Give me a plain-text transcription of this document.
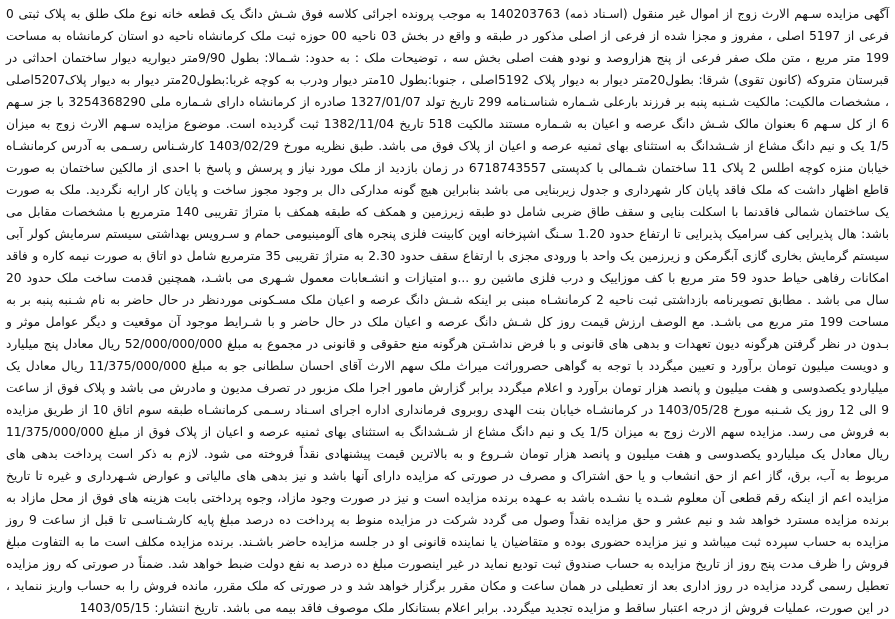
آگهی مزایده سـهم الارث زوج از اموال غیر منقول (اسـناد ذمه) 140203763 به موجب پرونده اجرائی کلاسه فوق شـش دانگ یک قطعه خانه نوع ملک طلق به پلاک ثبتی 0 فرعی از 5197 اصلی ، مفروز و مجزا شده از فرعی از اصلی مذکور در طبقه و واقع در بخش 03 ناحیه 00 حوزه ثبت ملک کرمانشاه ناحیه دو استان کرمانشاه به مساحت 199 متر مربع ، متن ملک صفر فرعی از پنج هزاروصد و نودو هفت اصلی بخش سه ، توضیحات ملک : به حدود: شـمالا: بطول 9/90متر دیواریه دیوار ساختمان احداثی در قبرستان متروکه (کانون تقوی) شرقا: بطول20متر دیوار به دیوار پلاک 5192اصلی ، جنوبا:بطول 10متر دیوار ودرب به کوچه غربا:بطول20متر دیوار به دیوار پلاک5207اصلی ، مشخصات مالکیت: مالکیت شـنبه پنبه بر فرزند بارعلی شـماره شناسـنامه 299 تاریخ تولد 1327/01/07 صادره از کرمانشاه دارای شـماره ملی 3254368290 با جز سـهم 6 از کل سـهم 6 بعنوان مالک شـش دانگ عرصه و اعیان به شـماره مستند مالکیت 518 تاریخ 1382/11/04 ثبت گردیده است. موضوع مزایده سـهم الارث زوج به میزان 1/5 یک و نیم دانگ مشاع از شـشدانگ به استثنای بهای ثمنیه عرصه و اعیان از پلاک فوق می باشد. طبق نظریه مورخ 1403/02/29 کارشـناس رسـمی به آدرس کرمانشـاه خیابان منزه کوچه اطلس 2 پلاک 11 ساختمان شـمالی با کدپستی 6718743557 در زمان بازدید از ملک مورد نیاز و پرسش و پاسخ با احدی از مالکین ساختمان به صورت قاطع اظهار داشت که ملک فاقد پایان کار شهرداری و جدول زیربنایی می باشد بنابراین هیچ گونه مدارکی دال بر وجود مجوز ساخت و پایان کار ارایه نگردید. ملک به صورت یک ساختمان شمالی فاقدنما با اسکلت بنایی و سقف طاق ضربی شامل دو طبقه زیرزمین و همکف که طبقه همکف با متراژ تقریبی 140 مترمربع با مشخصات مقابل می باشد: هال پذیرایی کف سرامیک پذیرایی تا ارتفاع حدود 1.20 سـنگ اشپزخانه اوپن کابینت فلزی پنجره های آلومینیومی حمام و سـرویس بهداشتی سیستم سرمایش کولر آبی سیستم گرمایش بخاری گازی آبگرمکن و زیرزمین یک واحد با ورودی مجزی با ارتفاع سقف حدود 2.30 به متراژ تقریبی 35 مترمربع شامل دو اتاق به صورت نیمه کاره و فاقد امکانات رفاهی حیاط حدود 59 متر مربع با کف موزاییک و درب فلزی ماشین رو ...و امتیازات و انشـعابات معمول شـهری می باشـد، همچنین قدمت ساخت ملک حدود 20 سال می باشد . مطابق تصویرنامه بازداشتی ثبت ناحیه 2 کرمانشـاه مبنی بر اینکه شـش دانگ عرصه و اعیان ملک مسـکونی موردنظر در حال حاضر به نام شـنبه پنبه بر به مساحت 199 متر مربع می باشـد. مع الوصف ارزش قیمت روز کل شـش دانگ عرصه و اعیان ملک در حال حاضر و با شـرایط موجود آن موقعیت و دیگر عوامل موثر و بـدون در نظر گرفتن هرگونه دیون تعهدات و بدهی های قانونی و با فرض نداشـتن هرگونه منع حقوقی و قانونی در مجموع به مبلغ 52/000/000/000 ریال معادل پنج میلیارد و دویست میلیون تومان برآورد و تعیین میگردد با توجه به گواهی حصروراثت میراث ملک سهم الارث آقای احسان سلطانی جو به مبلغ 11/375/000/000 ریال معادل یک میلیاردو یکصدوسی و هفت میلیون و پانصد هزار تومان برآورد و اعلام میگردد برابر گزارش مامور اجرا ملک مزبور در تصرف مدیون و مادرش می باشد و پلاک فوق از ساعت 9 الی 12 روز یک شـنبه مورخ 1403/05/28 در کرمانشـاه خیابان بنت الهدی روبروی فرمانداری اداره اجرای اسـناد رسـمی کرمانشـاه طبقه سوم اتاق 10 از طریق مزایده به فروش می رسد. مزایده سهم الارث زوج به میزان 1/5 یک و نیم دانگ مشاع از شـشدانگ به استثنای بهای ثمنیه عرصه و اعیان از پلاک فوق از مبلغ 11/375/000/000 ریال معادل یک میلیاردو یکصدوسی و هفت میلیون و پانصد هزار تومان شـروع و به بالاترین قیمت پیشنهادی نقداً فروخته می شود. لازم به ذکر است پرداخت بدهی های مربوط به آب، برق، گاز اعم از حق انشعاب و یا حق اشتراک و مصرف در صورتی که مزایده دارای آنها باشد و نیز بدهی های مالیاتی و عوارض شـهرداری و غیره تا تاریخ مزایده اعم از اینکه رقم قطعی آن معلوم شـده یا نشـده باشد به عـهده برنده مزایده است و نیز در صورت وجود مازاد، وجوه پرداختی بابت هزینه های فوق از محل مازاد به برنده مزایده مسترد خواهد شد و نیم عشر و حق مزایده نقداً وصول می گردد شرکت در مزایده منوط به پرداخت ده درصد مبلغ پایه کارشـناسـی تا قبل از ساعت 9 روز مزایده به حساب سپرده ثبت میباشد و نیز مزایده حضوری بوده و متقاضیان یا نماینده قانونی او در جلسه مزایده حاضر باشـند. برنده مزایده مکلف است ما به التفاوت مبلغ فروش را ظرف مدت پنج روز از تاریخ مزایده به حساب صندوق ثبت تودیع نماید در غیر اینصورت مبلغ ده درصد به نفع دولت ضبط خواهد شد. ضمناً در صورتی که روز مزایده تعطیل رسمی گردد مزایده در روز اداری بعد از تعطیلی در همان ساعت و مکان مقرر برگزار خواهد شد و در صورتی که ملک مقرر، مانده فروش را به حساب واریز ننماید ، در این صورت، عملیات فروش از درجه اعتبار ساقط و مزایده تجدید میگردد. برابر اعلام بستانکار ملک موصوف فاقد بیمه می باشد. تاریخ انتشار: 1403/05/15
